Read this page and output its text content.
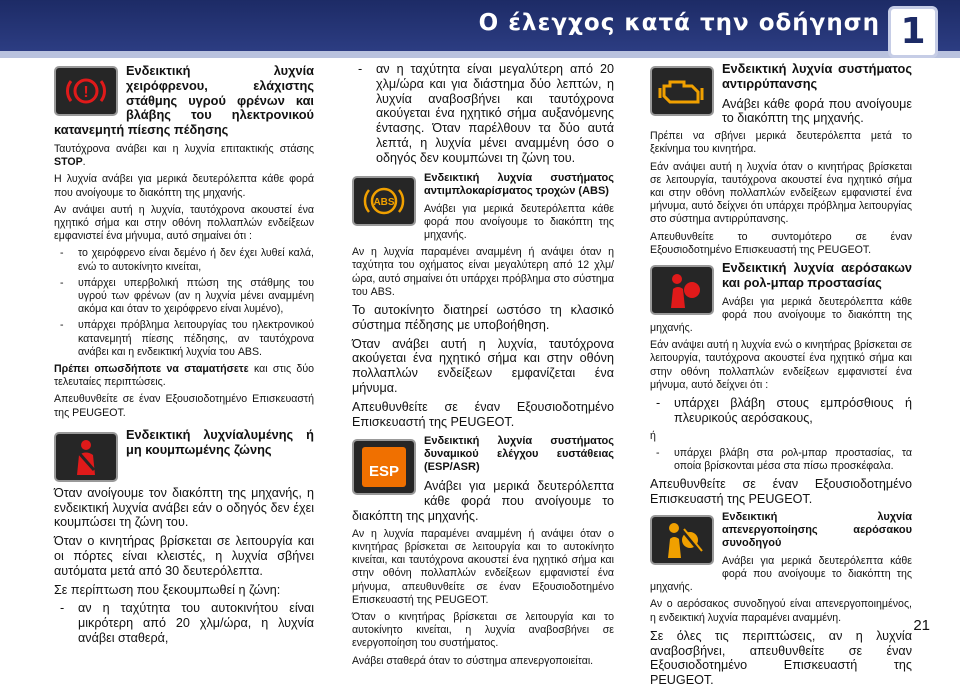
Ο έλεγχος κατά την οδήγηση 1
!
Ενδεικτική λυχνία χειρόφρενου, ελάχιστης στάθμης υγρού φρένων και βλάβης του ηλεκτρονικού κατανεμητή πίεσης πέδησης

Ταυτόχρονα ανάβει και η λυχνία επιτακτικής στάσης STOP.

Η λυχνία ανάβει για μερικά δευτερόλεπτα κάθε φορά που ανοίγουμε το διακόπτη της μηχανής.

Αν ανάψει αυτή η λυχνία, ταυτόχρονα ακουστεί ένα ηχητικό σήμα και στην οθόνη πολλαπλών ενδείξεων εμφανιστεί ένα μήνυμα, αυτό σημαίνει ότι :

- το χειρόφρενο είναι δεμένο ή δεν έχει λυθεί καλά, ενώ το αυτοκίνητο κινείται,
- υπάρχει υπερβολική πτώση της στάθμης του υγρού των φρένων (αν η λυχνία μένει αναμμένη ακόμα και όταν το χειρόφρενο είναι λυμένο),
- υπάρχει πρόβλημα λειτουργίας του ηλεκτρονικού κατανεμητή πίεσης πέδησης, αν ταυτόχρονα ανάβει και η ενδεικτική λυχνία του ABS.

Πρέπει οπωσδήποτε να σταματήσετε και στις δύο τελευταίες περιπτώσεις.

Απευθυνθείτε σε έναν Εξουσιοδοτημένο Επισκευαστή της PEUGEOT.

Ενδεικτική λυχνίαλυμένης ή μη κουμπωμένης ζώνης

Όταν ανοίγουμε τον διακόπτη της μηχανής, η ενδεικτική λυχνία ανάβει εάν ο οδηγός δεν έχει κουμπώσει τη ζώνη του.

Όταν ο κινητήρας βρίσκεται σε λειτουργία και οι πόρτες είναι κλειστές, η λυχνία σβήνει αυτόματα μετά από 30 δευτερόλεπτα.

Σε περίπτωση που ξεκουμπωθεί η ζώνη:

- αν η ταχύτητα του αυτοκινήτου είναι μικρότερη από 20 χλμ/ώρα, η λυχνία ανάβει σταθερά,
- αν η ταχύτητα είναι μεγαλύτερη από 20 χλμ/ώρα και για διάστημα δύο λεπτών, η λυχνία αναβοσβήνει και ταυτόχρονα ακούγεται ένα ηχητικό σήμα αυξανόμενης έντασης. Όταν παρέλθουν τα δύο αυτά λεπτά, η λυχνία μένει αναμμένη όσο ο οδηγός δεν κουμπώνει τη ζώνη του.
ABS
Ενδεικτική λυχνία συστήματος αντιμπλοκαρίσματος τροχών (ABS)

Ανάβει για μερικά δευτερόλεπτα κάθε φορά που ανοίγουμε το διακόπτη της μηχανής.

Αν η λυχνία παραμένει αναμμένη ή ανάψει όταν η ταχύτητα του οχήματος είναι μεγαλύτερη από 12 χλμ/ώρα, αυτό σημαίνει ότι υπάρχει πρόβλημα στο σύστημα του ABS.

Το αυτοκίνητο διατηρεί ωστόσο τη κλασικό σύστημα πέδησης με υποβοήθηση.

Όταν ανάβει αυτή η λυχνία, ταυτόχρονα ακούγεται ένα ηχητικό σήμα και στην οθόνη πολλαπλών ενδείξεων εμφανίζεται ένα μήνυμα.

Απευθυνθείτε σε έναν Εξουσιοδοτημένο Επισκευαστή της PEUGEOT.

ESP
Ενδεικτική λυχνία συστήματος δυναμικού ελέγχου ευστάθειας (ESP/ASR)

Ανάβει για μερικά δευτερόλεπτα κάθε φορά που ανοίγουμε το διακόπτη της μηχανής.

Αν η λυχνία παραμένει αναμμένη ή ανάψει όταν ο κινητήρας βρίσκεται σε λειτουργία και το αυτοκίνητο κινείται, και ταυτόχρονα ακουστεί ένα ηχητικό σήμα και στην οθόνη πολλαπλών ενδείξεων εμφανιστεί ένα μήνυμα, απευθυνθείτε σε έναν Εξουσιοδοτημένο Επισκευαστή της PEUGEOT.

Όταν ο κινητήρας βρίσκεται σε λειτουργία και το αυτοκίνητο κινείται, η λυχνία αναβοσβήνει σε ενεργοποίηση του συστήματος.

Ανάβει σταθερά όταν το σύστημα απενεργοποιείται.

Ενδεικτική λυχνία συστήματος αντιρρύπανσης

Ανάβει κάθε φορά που ανοίγουμε το διακόπτη της μηχανής.

Πρέπει να σβήνει μερικά δευτερόλεπτα μετά το ξεκίνημα του κινητήρα.

Εάν ανάψει αυτή η λυχνία όταν ο κινητήρας βρίσκεται σε λειτουργία, ταυτόχρονα ακουστεί ένα ηχητικό σήμα και στην οθόνη πολλαπλών ενδείξεων εμφανιστεί ένα μήνυμα, αυτό δείχνει ότι υπάρχει πρόβλημα λειτουργίας στο σύστημα αντιρρύπανσης.

Απευθυνθείτε το συντομότερο σε έναν Εξουσιοδοτημένο Επισκευαστή της PEUGEOT.

Ενδεικτική λυχνία αερόσακων και ρολ-μπαρ προστασίας

Ανάβει για μερικά δευτερόλεπτα κάθε φορά που ανοίγουμε το διακόπτη της μηχανής.

Εάν ανάψει αυτή η λυχνία ενώ ο κινητήρας βρίσκεται σε λειτουργία, ταυτόχρονα ακουστεί ένα ηχητικό σήμα και στην οθόνη πολλαπλών ενδείξεων εμφανιστεί ένα μήνυμα, αυτό δείχνει ότι :

- υπάρχει βλάβη στους εμπρόσθιους ή πλευρικούς αερόσακους,

ή

- υπάρχει βλάβη στα ρολ-μπαρ προστασίας, τα οποία βρίσκονται μέσα στα πίσω προσκέφαλα.

Απευθυνθείτε σε έναν Εξουσιοδοτημένο Επισκευαστή της PEUGEOT.

Ενδεικτική λυχνία απενεργοποίησης αερόσακου συνοδηγού

Ανάβει για μερικά δευτερόλεπτα κάθε φορά που ανοίγουμε το διακόπτη της μηχανής.

Αν ο αερόσακος συνοδηγού είναι απενεργοποιημένος, η ενδεικτική λυχνία παραμένει αναμμένη.

Σε όλες τις περιπτώσεις, αν η λυχνία αναβοσβήνει, απευθυνθείτε σε έναν Εξουσιοδοτημένο Επισκευαστή της PEUGEOT.

21
